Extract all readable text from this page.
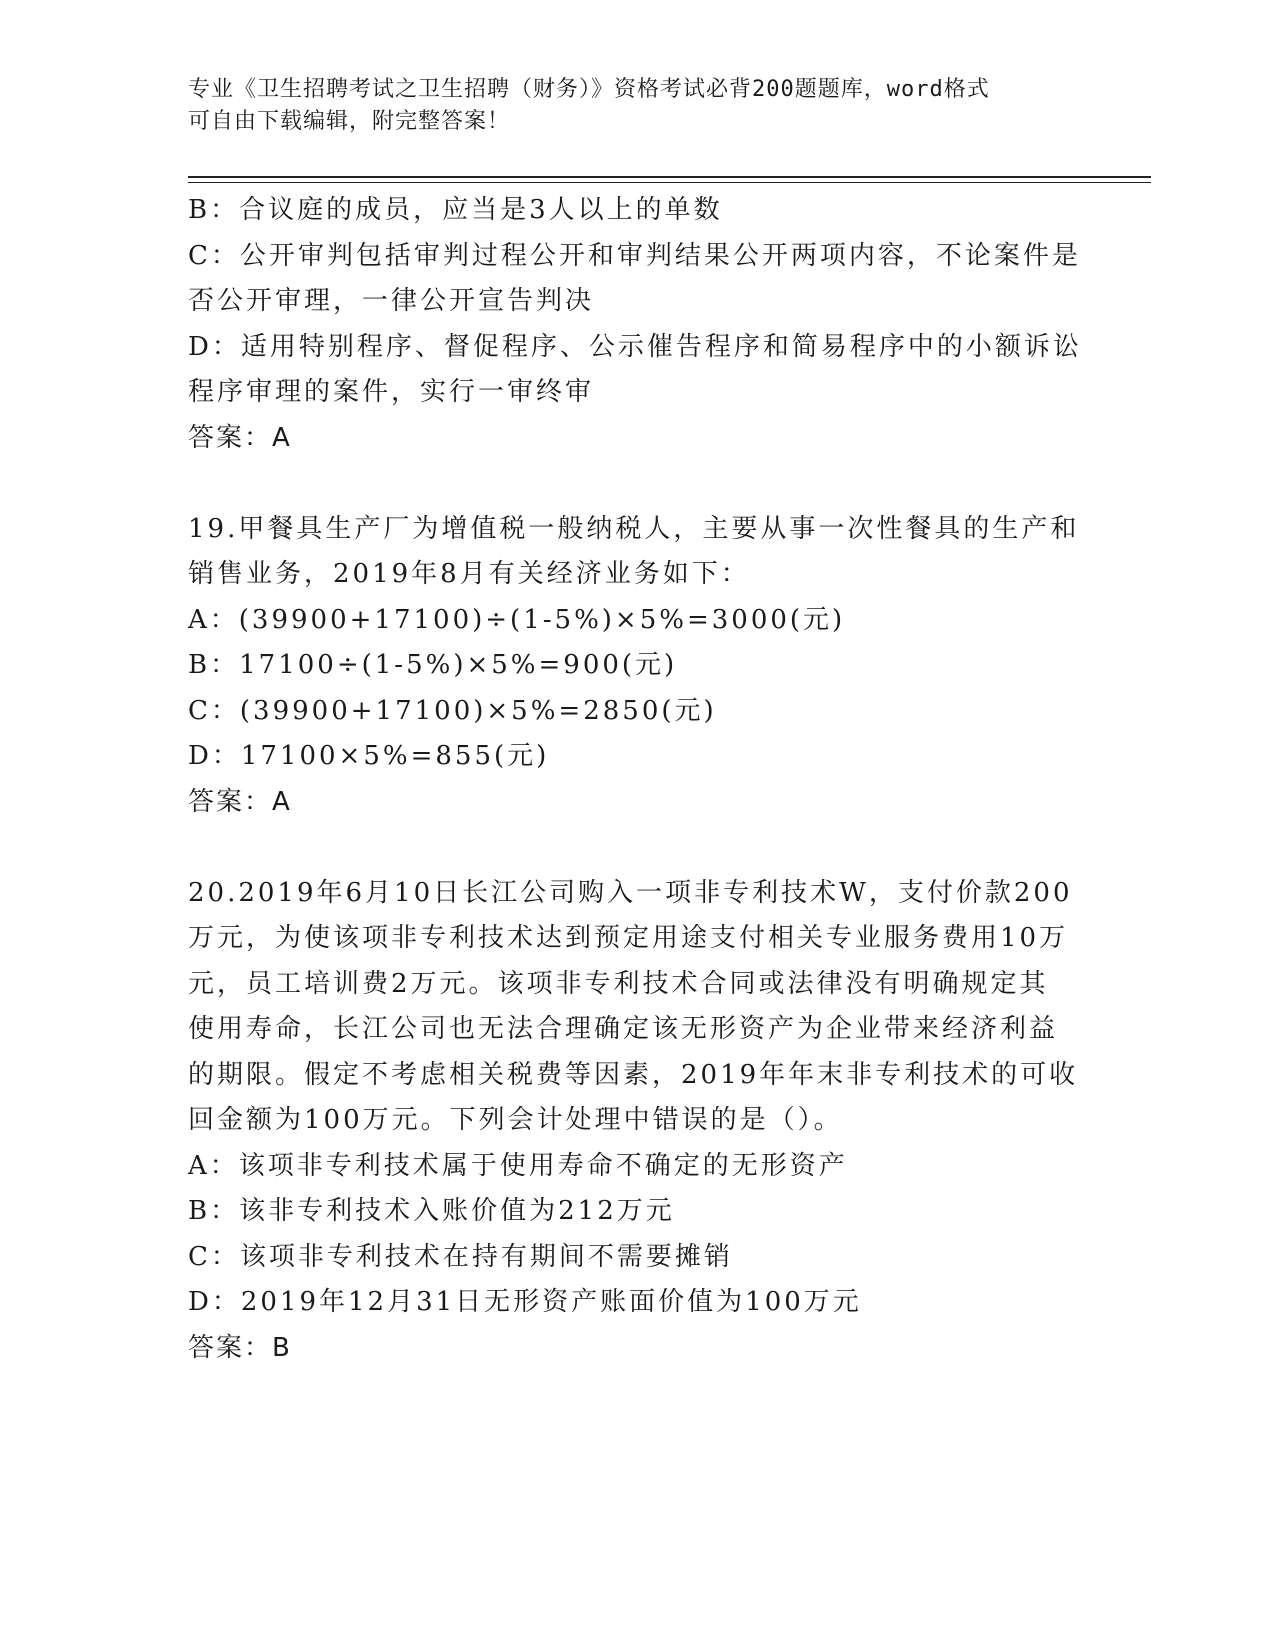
专业《卫生招聘考试之卫生招聘（财务）》资格考试必背200题题库，word格式
可自由下载编辑，附完整答案！
B：合议庭的成员，应当是3人以上的单数
C：公开审判包括审判过程公开和审判结果公开两项内容，不论案件是
否公开审理，一律公开宣告判决
D：适用特别程序、督促程序、公示催告程序和简易程序中的小额诉讼
程序审理的案件，实行一审终审
答案：A
19.甲餐具生产厂为增值税一般纳税人，主要从事一次性餐具的生产和
销售业务，2019年8月有关经济业务如下：
A：(39900+17100)÷(1-5%)×5%=3000(元)
B：17100÷(1-5%)×5%=900(元)
C：(39900+17100)×5%=2850(元)
D：17100×5%=855(元)
答案：A
20.2019年6月10日长江公司购入一项非专利技术W，支付价款200
万元，为使该项非专利技术达到预定用途支付相关专业服务费用10万
元，员工培训费2万元。该项非专利技术合同或法律没有明确规定其
使用寿命，长江公司也无法合理确定该无形资产为企业带来经济利益
的期限。假定不考虑相关税费等因素，2019年年末非专利技术的可收
回金额为100万元。下列会计处理中错误的是（）。
A：该项非专利技术属于使用寿命不确定的无形资产
B：该非专利技术入账价值为212万元
C：该项非专利技术在持有期间不需要摊销
D：2019年12月31日无形资产账面价值为100万元
答案：B
